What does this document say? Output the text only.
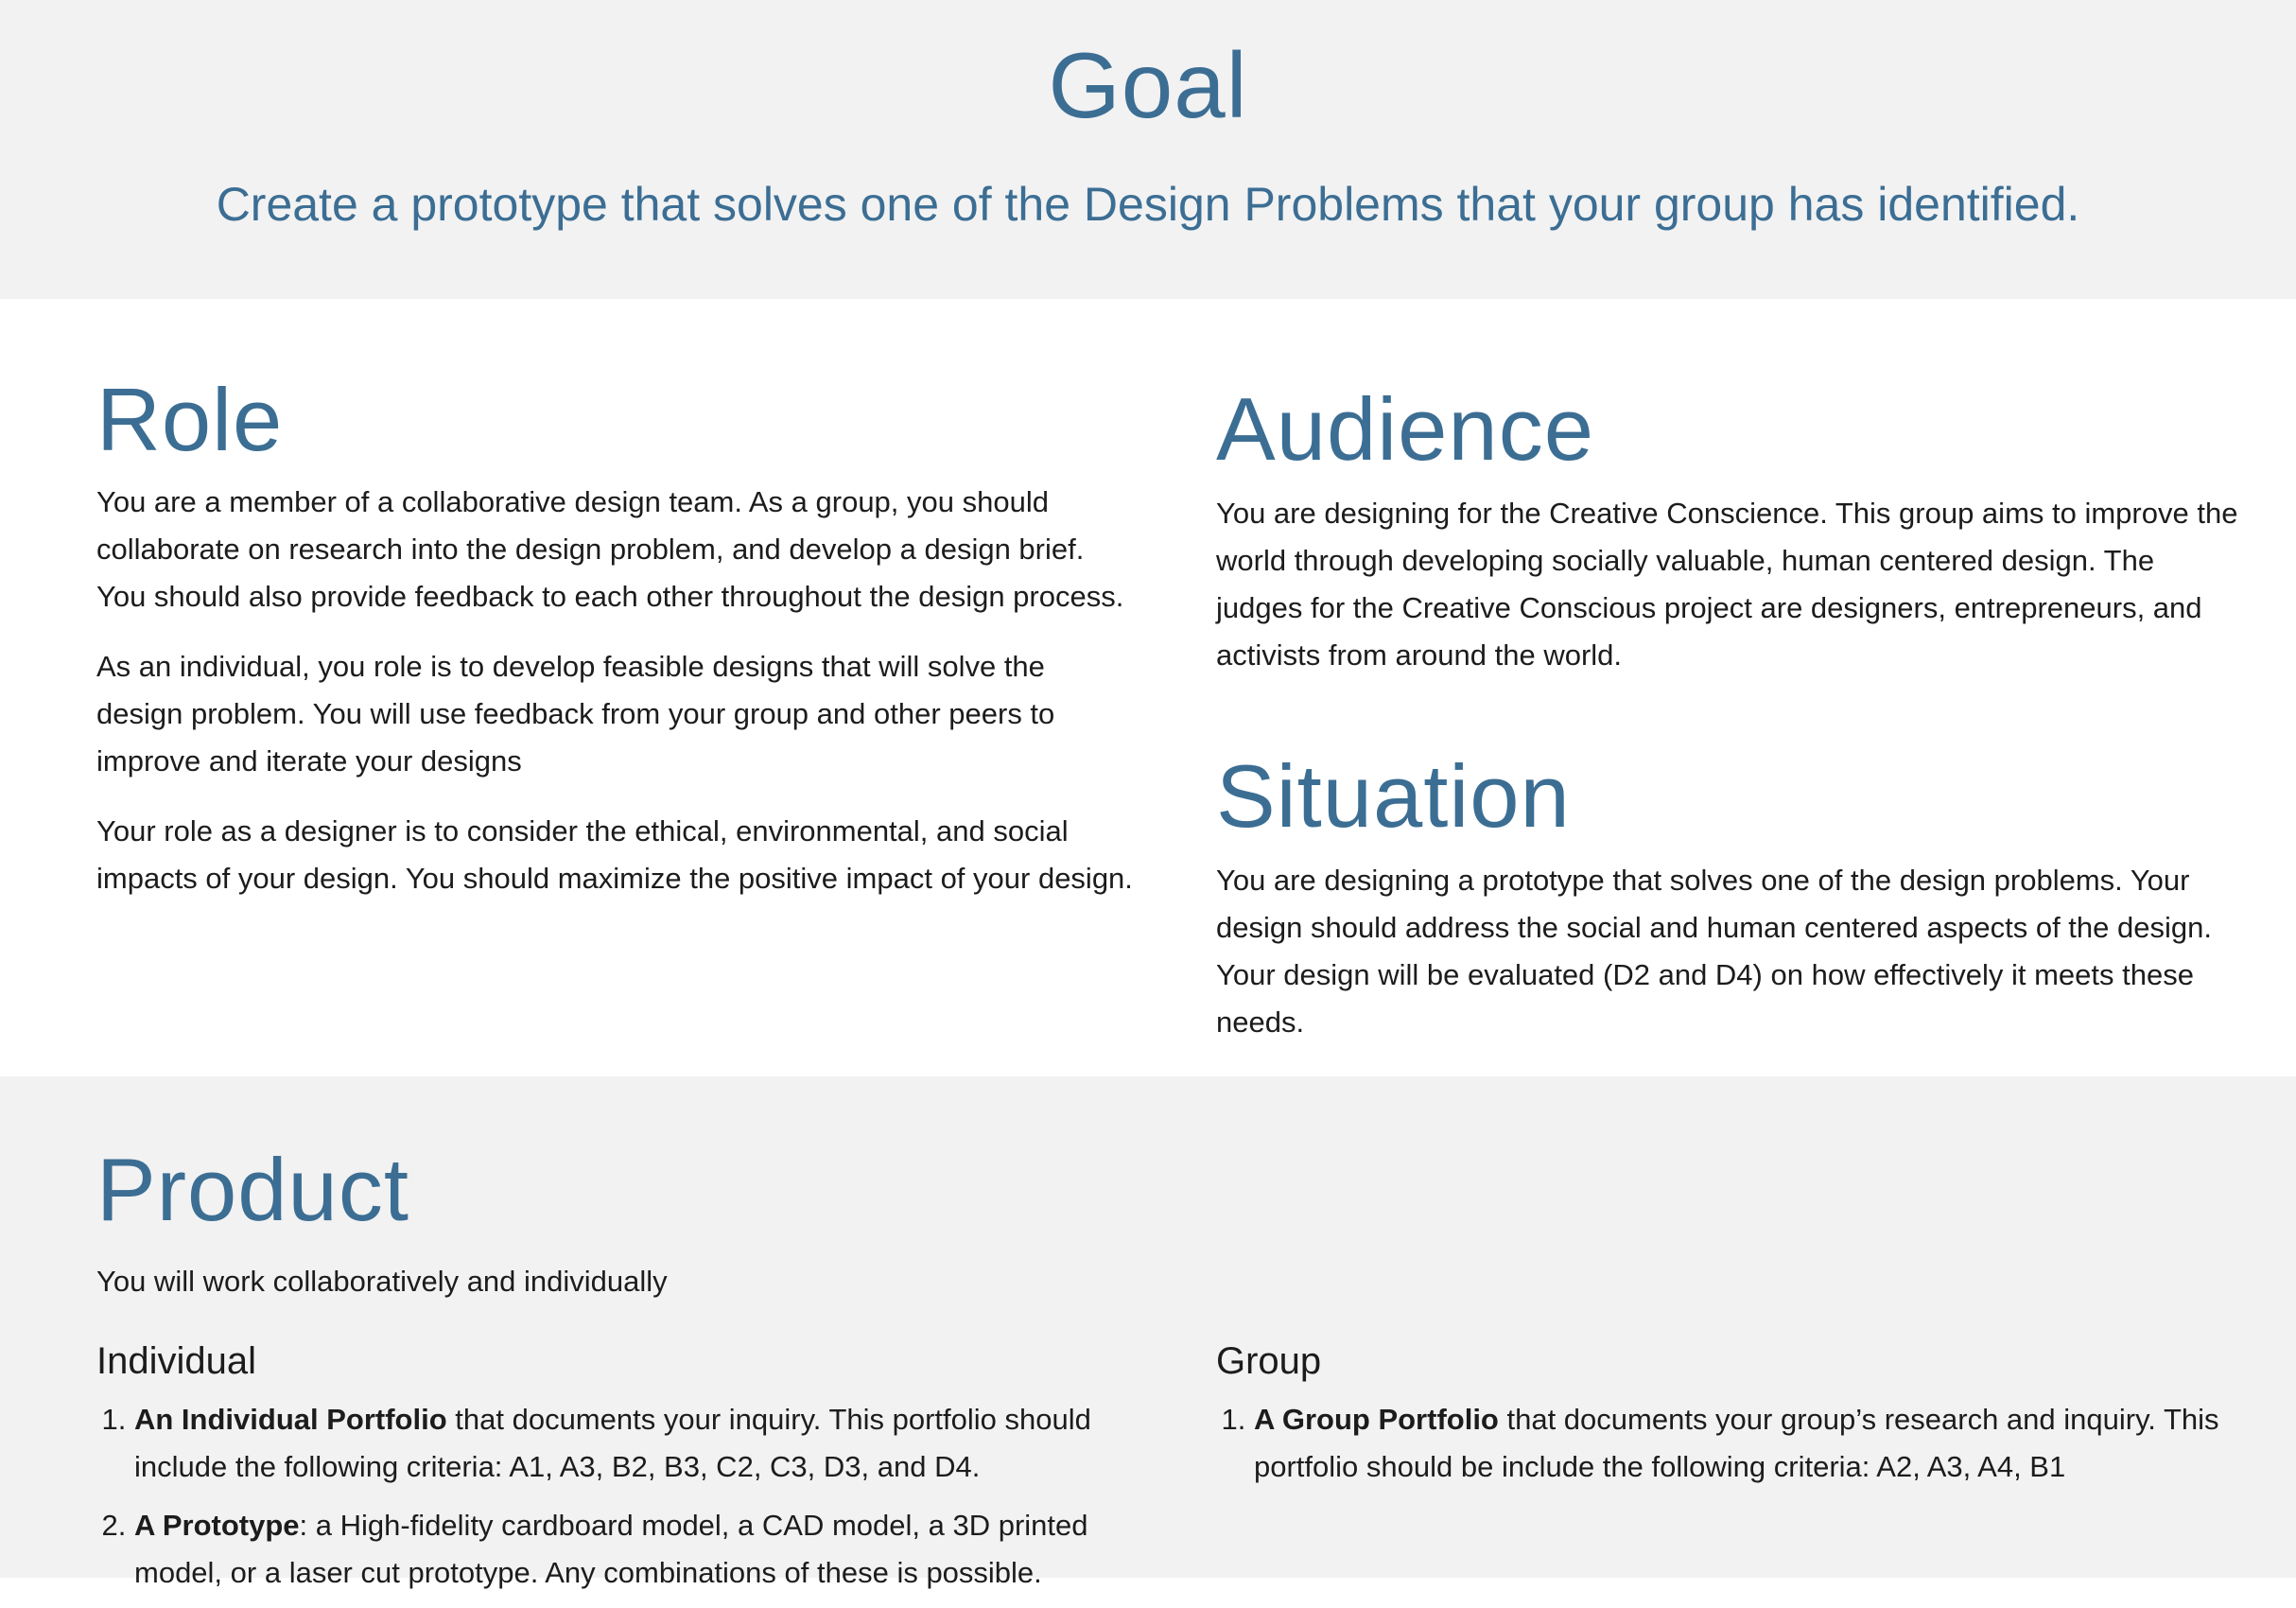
Goal

Create a prototype that solves one of the Design Problems that your group has identified.

Role

You are a member of a collaborative design team. As a group, you should collaborate on research into the design problem, and develop a design brief. You should also provide feedback to each other throughout the design process.

As an individual, you role is to develop feasible designs that will solve the design problem. You will use feedback from your group and other peers to improve and iterate your designs

Your role as a designer is to consider the ethical, environmental, and social impacts of your design. You should maximize the positive impact of your design.

Audience

You are designing for the Creative Conscience. This group aims to improve the world through developing socially valuable, human centered design. The judges for the Creative Conscious project are designers, entrepreneurs, and activists from around the world.

Situation

You are designing a prototype that solves one of the design problems. Your design should address the social and human centered aspects of the design. Your design will be evaluated (D2 and D4) on how effectively it meets these needs.

Product

You will work collaboratively and individually

Individual
1. An Individual Portfolio that documents your inquiry. This portfolio should include the following criteria: A1, A3, B2, B3, C2, C3, D3, and D4.
2. A Prototype: a High-fidelity cardboard model, a CAD model, a 3D printed model, or a laser cut prototype. Any combinations of these is possible.
Group
1. A Group Portfolio that documents your group’s research and inquiry. This portfolio should be include the following criteria: A2, A3, A4, B1
